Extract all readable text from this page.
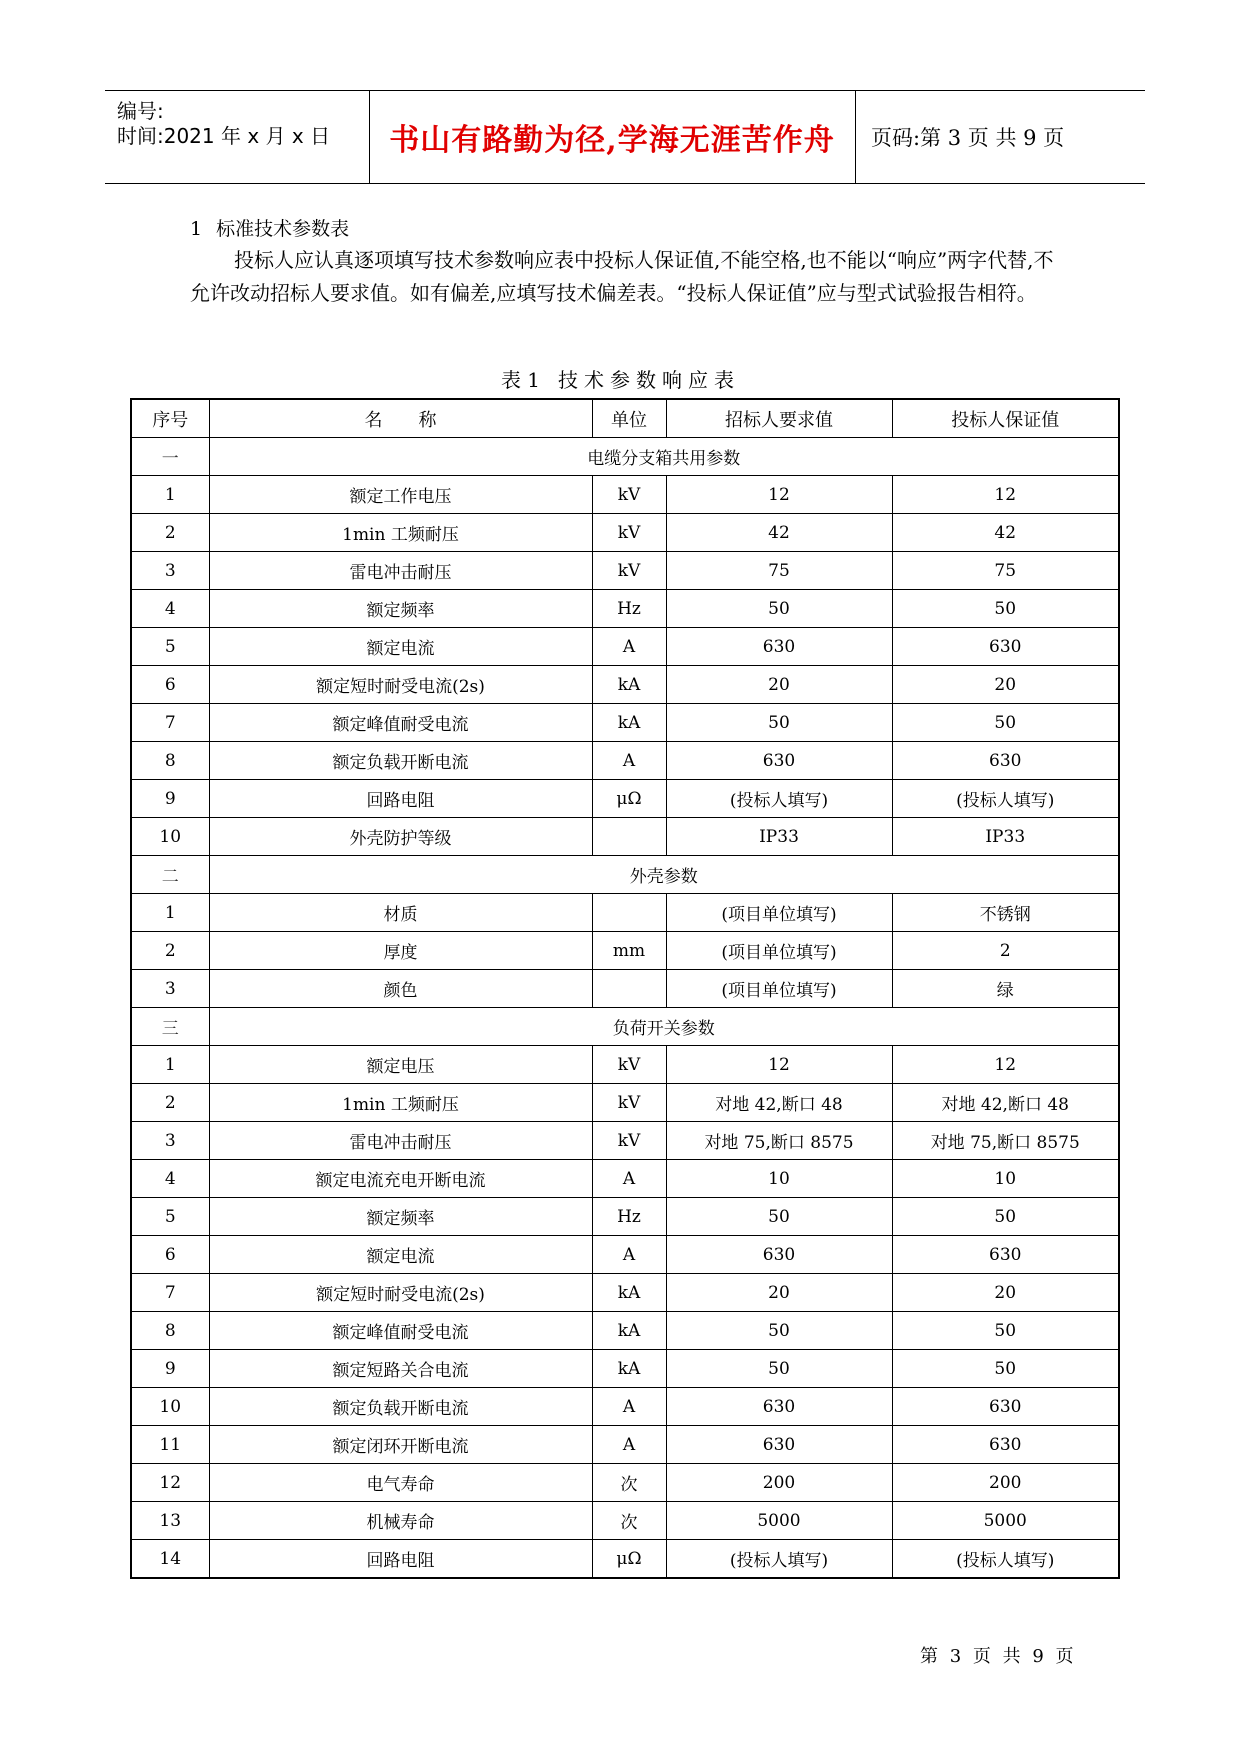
编号:
时间:2021 年 x 月 x 日	书山有路勤为径,学海无涯苦作舟	页码:第 3 页 共 9 页
1 标准技术参数表
投标人应认真逐项填写技术参数响应表中投标人保证值,不能空格,也不能以“响应”两字代替,不允许改动招标人要求值。如有偏差,应填写技术偏差表。“投标人保证值”应与型式试验报告相符。
表 1 技术参数响应表
序号	名　　称	单位	招标人要求值	投标人保证值
一	电缆分支箱共用参数			
1	额定工作电压	kV	12	12
2	1min 工频耐压	kV	42	42
3	雷电冲击耐压	kV	75	75
4	额定频率	Hz	50	50
5	额定电流	A	630	630
6	额定短时耐受电流(2s)	kA	20	20
7	额定峰值耐受电流	kA	50	50
8	额定负载开断电流	A	630	630
9	回路电阻	μΩ	(投标人填写)	(投标人填写)
10	外壳防护等级		IP33	IP33
二	外壳参数			
1	材质		(项目单位填写)	不锈钢
2	厚度	mm	(项目单位填写)	2
3	颜色		(项目单位填写)	绿
三	负荷开关参数			
1	额定电压	kV	12	12
2	1min 工频耐压	kV	对地 42,断口 48	对地 42,断口 48
3	雷电冲击耐压	kV	对地 75,断口 8575	对地 75,断口 8575
4	额定电流充电开断电流	A	10	10
5	额定频率	Hz	50	50
6	额定电流	A	630	630
7	额定短时耐受电流(2s)	kA	20	20
8	额定峰值耐受电流	kA	50	50
9	额定短路关合电流	kA	50	50
10	额定负载开断电流	A	630	630
11	额定闭环开断电流	A	630	630
12	电气寿命	次	200	200
13	机械寿命	次	5000	5000
14	回路电阻	μΩ	(投标人填写)	(投标人填写)
第 3 页 共 9 页
